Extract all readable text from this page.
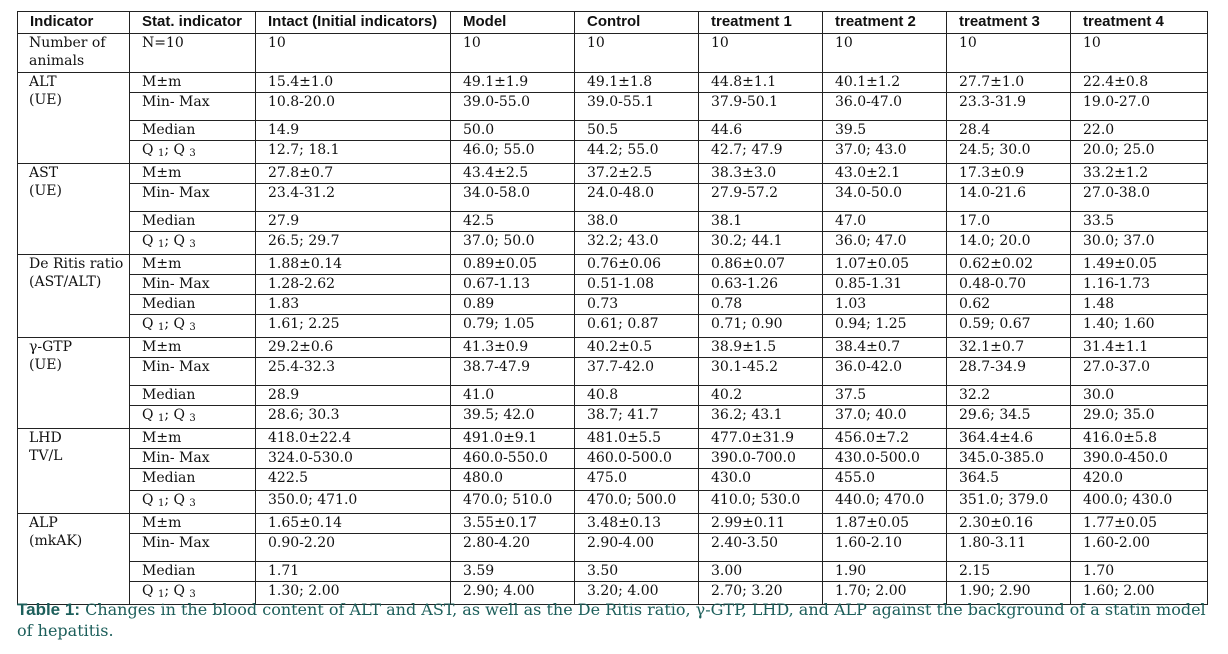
Indicator	Stat. indicator	Intact (Initial indicators)	Model	Control	treatment 1	treatment 2	treatment 3	treatment 4
Number of animals	N=10	10	10	10	10	10	10	10

ALT
(UE)	M±m	15.4±1.0	49.1±1.9	49.1±1.8	44.8±1.1	40.1±1.2	27.7±1.0	22.4±0.8
	Min- Max	10.8-20.0	39.0-55.0	39.0-55.1	37.9-50.1	36.0-47.0	23.3-31.9	19.0-27.0
	Median	14.9	50.0	50.5	44.6	39.5	28.4	22.0
	Q $_1$; Q $_3$	12.7; 18.1	46.0; 55.0	44.2; 55.0	42.7; 47.9	37.0; 43.0	24.5; 30.0	20.0; 25.0

AST
(UE)	M±m	27.8±0.7	43.4±2.5	37.2±2.5	38.3±3.0	43.0±2.1	17.3±0.9	33.2±1.2
	Min- Max	23.4-31.2	34.0-58.0	24.0-48.0	27.9-57.2	34.0-50.0	14.0-21.6	27.0-38.0
	Median	27.9	42.5	38.0	38.1	47.0	17.0	33.5
	Q $_1$; Q $_3$	26.5; 29.7	37.0; 50.0	32.2; 43.0	30.2; 44.1	36.0; 47.0	14.0; 20.0	30.0; 37.0

De Ritis ratio
(AST/ALT)	M±m	1.88±0.14	0.89±0.05	0.76±0.06	0.86±0.07	1.07±0.05	0.62±0.02	1.49±0.05
	Min- Max	1.28-2.62	0.67-1.13	0.51-1.08	0.63-1.26	0.85-1.31	0.48-0.70	1.16-1.73
	Median	1.83	0.89	0.73	0.78	1.03	0.62	1.48
	Q $_1$; Q $_3$	1.61; 2.25	0.79; 1.05	0.61; 0.87	0.71; 0.90	0.94; 1.25	0.59; 0.67	1.40; 1.60

γ-GTP
(UE)	M±m	29.2±0.6	41.3±0.9	40.2±0.5	38.9±1.5	38.4±0.7	32.1±0.7	31.4±1.1
	Min- Max	25.4-32.3	38.7-47.9	37.7-42.0	30.1-45.2	36.0-42.0	28.7-34.9	27.0-37.0
	Median	28.9	41.0	40.8	40.2	37.5	32.2	30.0
	Q $_1$; Q $_3$	28.6; 30.3	39.5; 42.0	38.7; 41.7	36.2; 43.1	37.0; 40.0	29.6; 34.5	29.0; 35.0

LHD
TV/L	M±m	418.0±22.4	491.0±9.1	481.0±5.5	477.0±31.9	456.0±7.2	364.4±4.6	416.0±5.8
	Min- Max	324.0-530.0	460.0-550.0	460.0-500.0	390.0-700.0	430.0-500.0	345.0-385.0	390.0-450.0
	Median	422.5	480.0	475.0	430.0	455.0	364.5	420.0
	Q $_1$; Q $_3$	350.0; 471.0	470.0; 510.0	470.0; 500.0	410.0; 530.0	440.0; 470.0	351.0; 379.0	400.0; 430.0

ALP
(mkAK)	M±m	1.65±0.14	3.55±0.17	3.48±0.13	2.99±0.11	1.87±0.05	2.30±0.16	1.77±0.05
	Min- Max	0.90-2.20	2.80-4.20	2.90-4.00	2.40-3.50	1.60-2.10	1.80-3.11	1.60-2.00
	Median	1.71	3.59	3.50	3.00	1.90	2.15	1.70
	Q $_1$; Q $_3$	1.30; 2.00	2.90; 4.00	3.20; 4.00	2.70; 3.20	1.70; 2.00	1.90; 2.90	1.60; 2.00
Table 1: Changes in the blood content of ALT and AST, as well as the De Ritis ratio, γ-GTP, LHD, and ALP against the background of a statin model of hepatitis.
